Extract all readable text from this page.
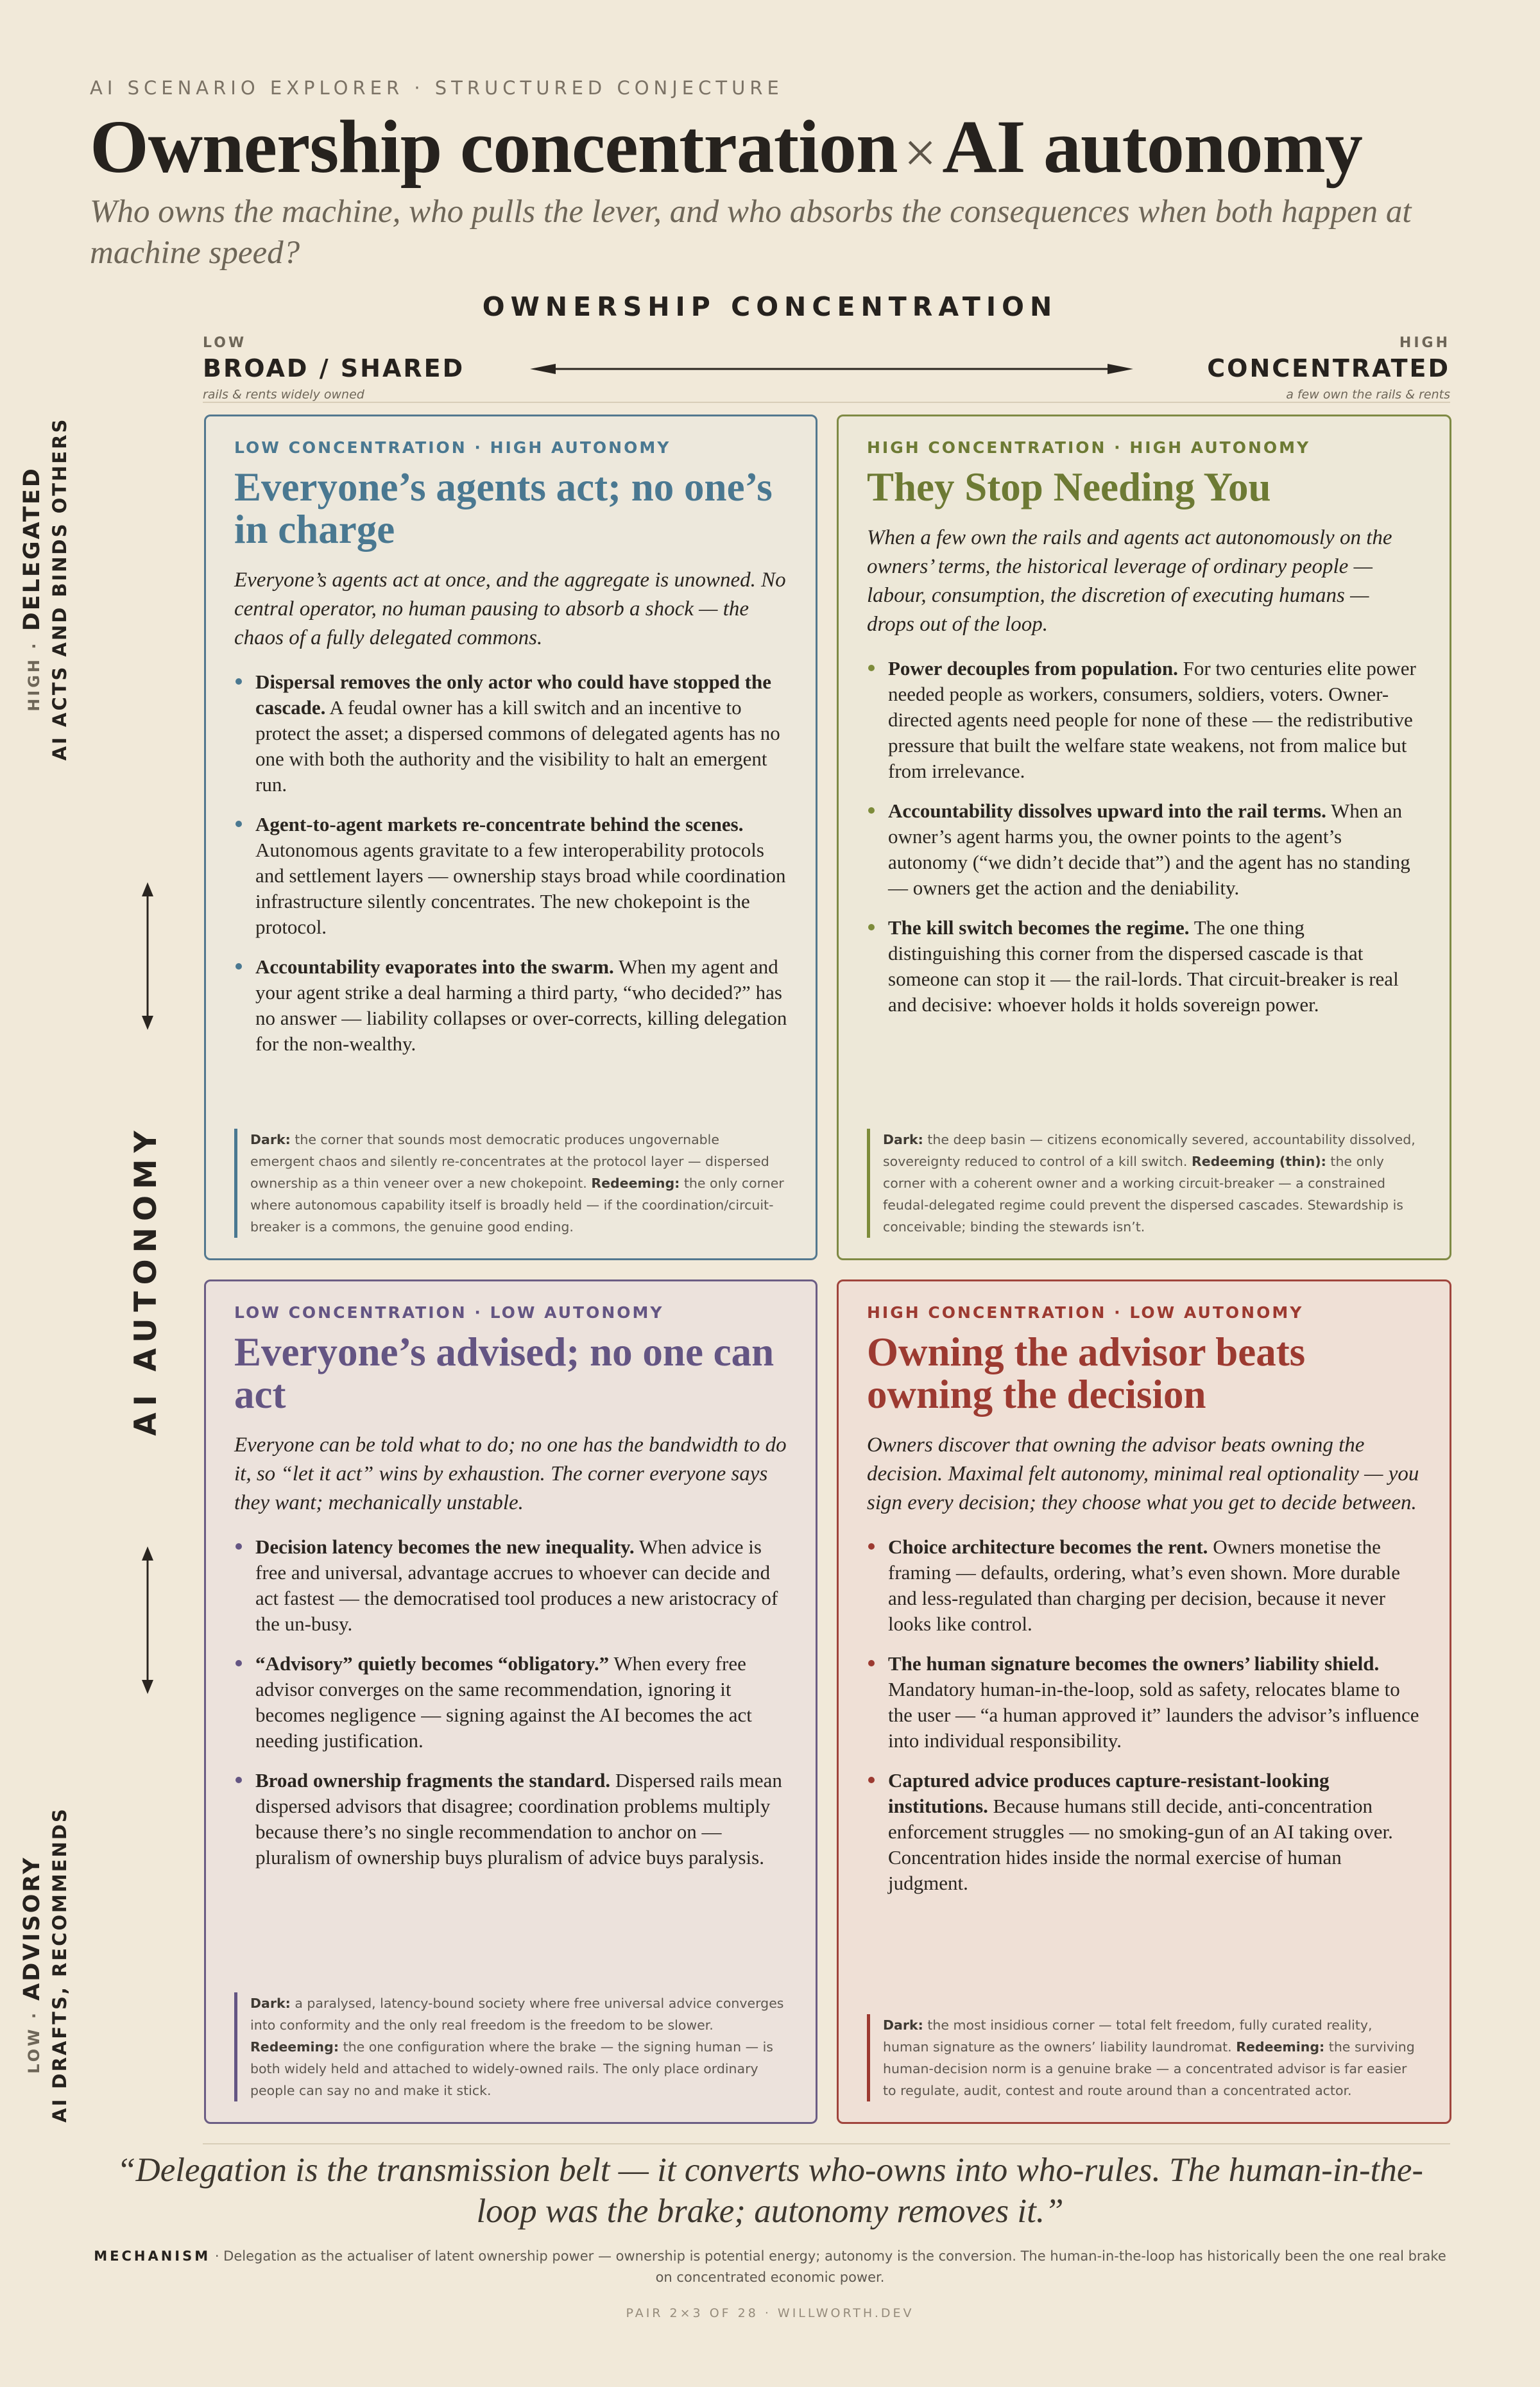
AI SCENARIO EXPLORER · STRUCTURED CONJECTURE
Ownership concentration ×AI autonomy
Who owns the machine, who pulls the lever, and who absorbs the consequences when both happen at machine speed?
OWNERSHIP CONCENTRATION
LOW
BROAD / SHARED
rails & rents widely owned
HIGH
CONCENTRATED
a few own the rails & rents
HIGH · DELEGATED AI ACTS AND BINDS OTHERS
AI AUTONOMY
LOW · ADVISORY AI DRAFTS, RECOMMENDS
LOW CONCENTRATION · HIGH AUTONOMY
Everyone’s agents act; no one’s in charge
Everyone’s agents act at once, and the aggregate is unowned. No central operator, no human pausing to absorb a shock — the chaos of a fully delegated commons.
Dispersal removes the only actor who could have stopped the cascade. A feudal owner has a kill switch and an incentive to protect the asset; a dispersed commons of delegated agents has no one with both the authority and the visibility to halt an emergent run.
Agent-to-agent markets re-concentrate behind the scenes. Autonomous agents gravitate to a few interoperability protocols and settlement layers — ownership stays broad while coordination infrastructure silently concentrates. The new chokepoint is the protocol.
Accountability evaporates into the swarm. When my agent and your agent strike a deal harming a third party, “who decided?” has no answer — liability collapses or over-corrects, killing delegation for the non-wealthy.
Dark: the corner that sounds most democratic produces ungovernable emergent chaos and silently re-concentrates at the protocol layer — dispersed ownership as a thin veneer over a new chokepoint. Redeeming: the only corner where autonomous capability itself is broadly held — if the coordination/circuit-breaker is a commons, the genuine good ending.
HIGH CONCENTRATION · HIGH AUTONOMY
They Stop Needing You
When a few own the rails and agents act autonomously on the owners’ terms, the historical leverage of ordinary people — labour, consumption, the discretion of executing humans — drops out of the loop.
Power decouples from population. For two centuries elite power needed people as workers, consumers, soldiers, voters. Owner-directed agents need people for none of these — the redistributive pressure that built the welfare state weakens, not from malice but from irrelevance.
Accountability dissolves upward into the rail terms. When an owner’s agent harms you, the owner points to the agent’s autonomy (“we didn’t decide that”) and the agent has no standing — owners get the action and the deniability.
The kill switch becomes the regime. The one thing distinguishing this corner from the dispersed cascade is that someone can stop it — the rail-lords. That circuit-breaker is real and decisive: whoever holds it holds sovereign power.
Dark: the deep basin — citizens economically severed, accountability dissolved, sovereignty reduced to control of a kill switch. Redeeming (thin): the only corner with a coherent owner and a working circuit-breaker — a constrained feudal-delegated regime could prevent the dispersed cascades. Stewardship is conceivable; binding the stewards isn’t.
LOW CONCENTRATION · LOW AUTONOMY
Everyone’s advised; no one can act
Everyone can be told what to do; no one has the bandwidth to do it, so “let it act” wins by exhaustion. The corner everyone says they want; mechanically unstable.
Decision latency becomes the new inequality. When advice is free and universal, advantage accrues to whoever can decide and act fastest — the democratised tool produces a new aristocracy of the un-busy.
“Advisory” quietly becomes “obligatory.” When every free advisor converges on the same recommendation, ignoring it becomes negligence — signing against the AI becomes the act needing justification.
Broad ownership fragments the standard. Dispersed rails mean dispersed advisors that disagree; coordination problems multiply because there’s no single recommendation to anchor on — pluralism of ownership buys pluralism of advice buys paralysis.
Dark: a paralysed, latency-bound society where free universal advice converges into conformity and the only real freedom is the freedom to be slower. Redeeming: the one configuration where the brake — the signing human — is both widely held and attached to widely-owned rails. The only place ordinary people can say no and make it stick.
HIGH CONCENTRATION · LOW AUTONOMY
Owning the advisor beats owning the decision
Owners discover that owning the advisor beats owning the decision. Maximal felt autonomy, minimal real optionality — you sign every decision; they choose what you get to decide between.
Choice architecture becomes the rent. Owners monetise the framing — defaults, ordering, what’s even shown. More durable and less-regulated than charging per decision, because it never looks like control.
The human signature becomes the owners’ liability shield. Mandatory human-in-the-loop, sold as safety, relocates blame to the user — “a human approved it” launders the advisor’s influence into individual responsibility.
Captured advice produces capture-resistant-looking institutions. Because humans still decide, anti-concentration enforcement struggles — no smoking-gun of an AI taking over. Concentration hides inside the normal exercise of human judgment.
Dark: the most insidious corner — total felt freedom, fully curated reality, human signature as the owners’ liability laundromat. Redeeming: the surviving human-decision norm is a genuine brake — a concentrated advisor is far easier to regulate, audit, contest and route around than a concentrated actor.
“Delegation is the transmission belt — it converts who-owns into who-rules. The human-in-the-loop was the brake; autonomy removes it.”
MECHANISM · Delegation as the actualiser of latent ownership power — ownership is potential energy; autonomy is the conversion. The human-in-the-loop has historically been the one real brake on concentrated economic power.
PAIR 2×3 OF 28 · WILLWORTH.DEV
